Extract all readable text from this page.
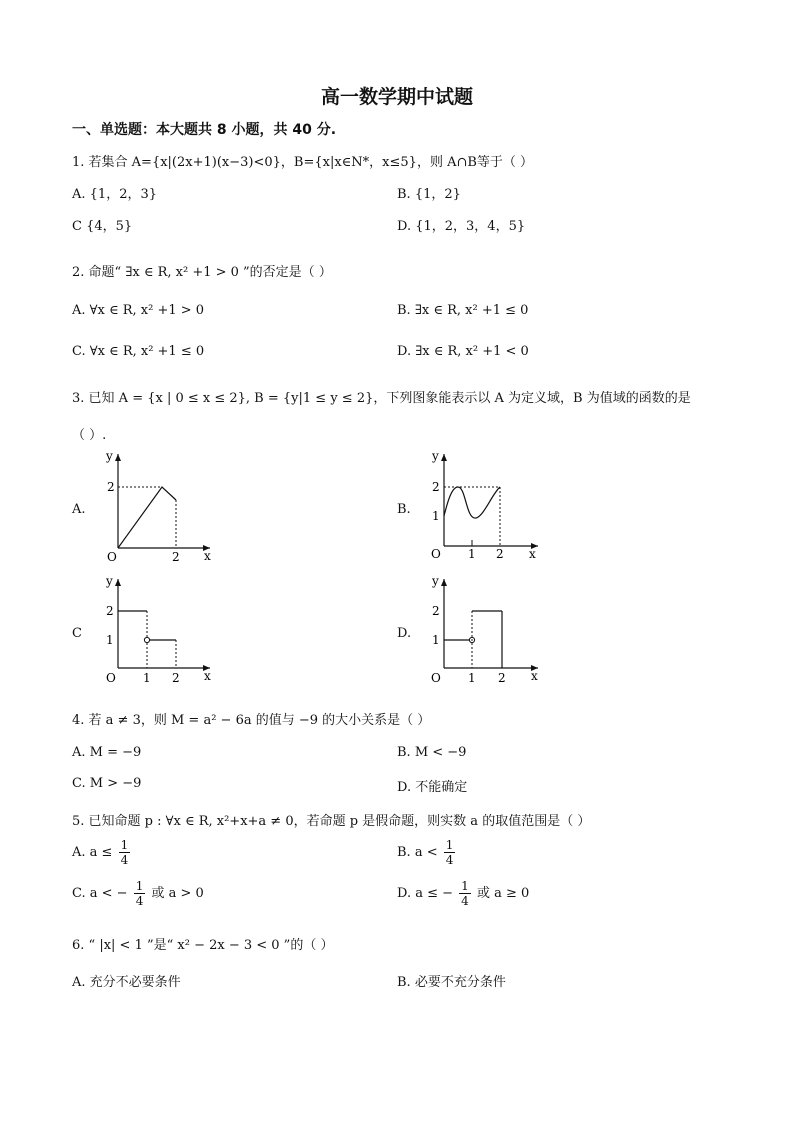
高一数学期中试题
一、单选题：本大题共 8 小题，共 40 分.
1. 若集合 A={x|(2x+1)(x−3)<0}，B={x|x∈N*，x≤5}，则 A∩B等于（ ）
A. {1，2，3}	B. {1，2}
C {4，5}	D. {1，2，3，4，5}
2. 命题“ ∃x ∈ R, x² +1 > 0 ”的否定是（ ）
A. ∀x ∈ R, x² +1 > 0	B. ∃x ∈ R, x² +1 ≤ 0
C. ∀x ∈ R, x² +1 ≤ 0	D. ∃x ∈ R, x² +1 < 0
3. 已知 A = {x | 0 ≤ x ≤ 2}, B = {y|1 ≤ y ≤ 2}，下列图象能表示以 A 为定义域，B 为值域的函数的是
（ ）.
A.	B.
C	D.
y
x
O
2
2
y
x
O
2
1
1 2
y
x
O
2
1
1 2
y
x
O
2
1
1 2
4. 若 a ≠ 3，则 M = a² − 6a 的值与 −9 的大小关系是（ ）
A. M = −9	B. M < −9
C. M > −9	D. 不能确定
5. 已知命题 p : ∀x ∈ R, x²+x+a ≠ 0，若命题 p 是假命题，则实数 a 的取值范围是（ ）
A. $a \le \frac{1}{4}$	B. $a < \frac{1}{4}$
C. a < − $\frac{1}{4}$ 或 a > 0	D. a ≤ − $\frac{1}{4}$ 或 a ≥ 0
6. “ |x| < 1 ”是“ x² − 2x − 3 < 0 ”的（ ）
A. 充分不必要条件	B. 必要不充分条件
